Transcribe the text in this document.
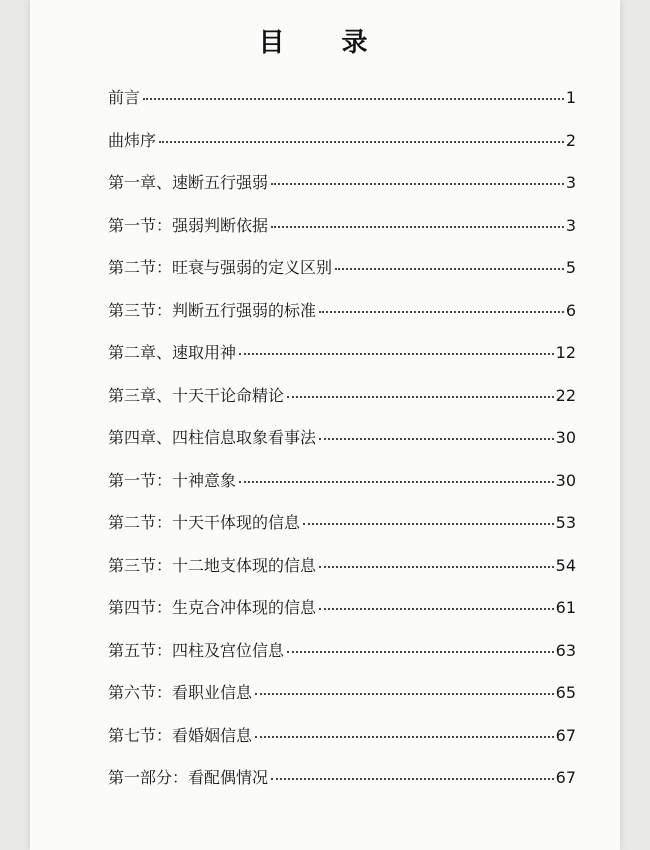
目 录
前言	1
曲炜序	2
第一章、速断五行强弱	3
第一节：强弱判断依据	3
第二节：旺衰与强弱的定义区别	5
第三节：判断五行强弱的标准	6
第二章、速取用神	12
第三章、十天干论命精论	22
第四章、四柱信息取象看事法	30
第一节：十神意象	30
第二节：十天干体现的信息	53
第三节：十二地支体现的信息	54
第四节：生克合冲体现的信息	61
第五节：四柱及宫位信息	63
第六节：看职业信息	65
第七节：看婚姻信息	67
第一部分：看配偶情况	67
